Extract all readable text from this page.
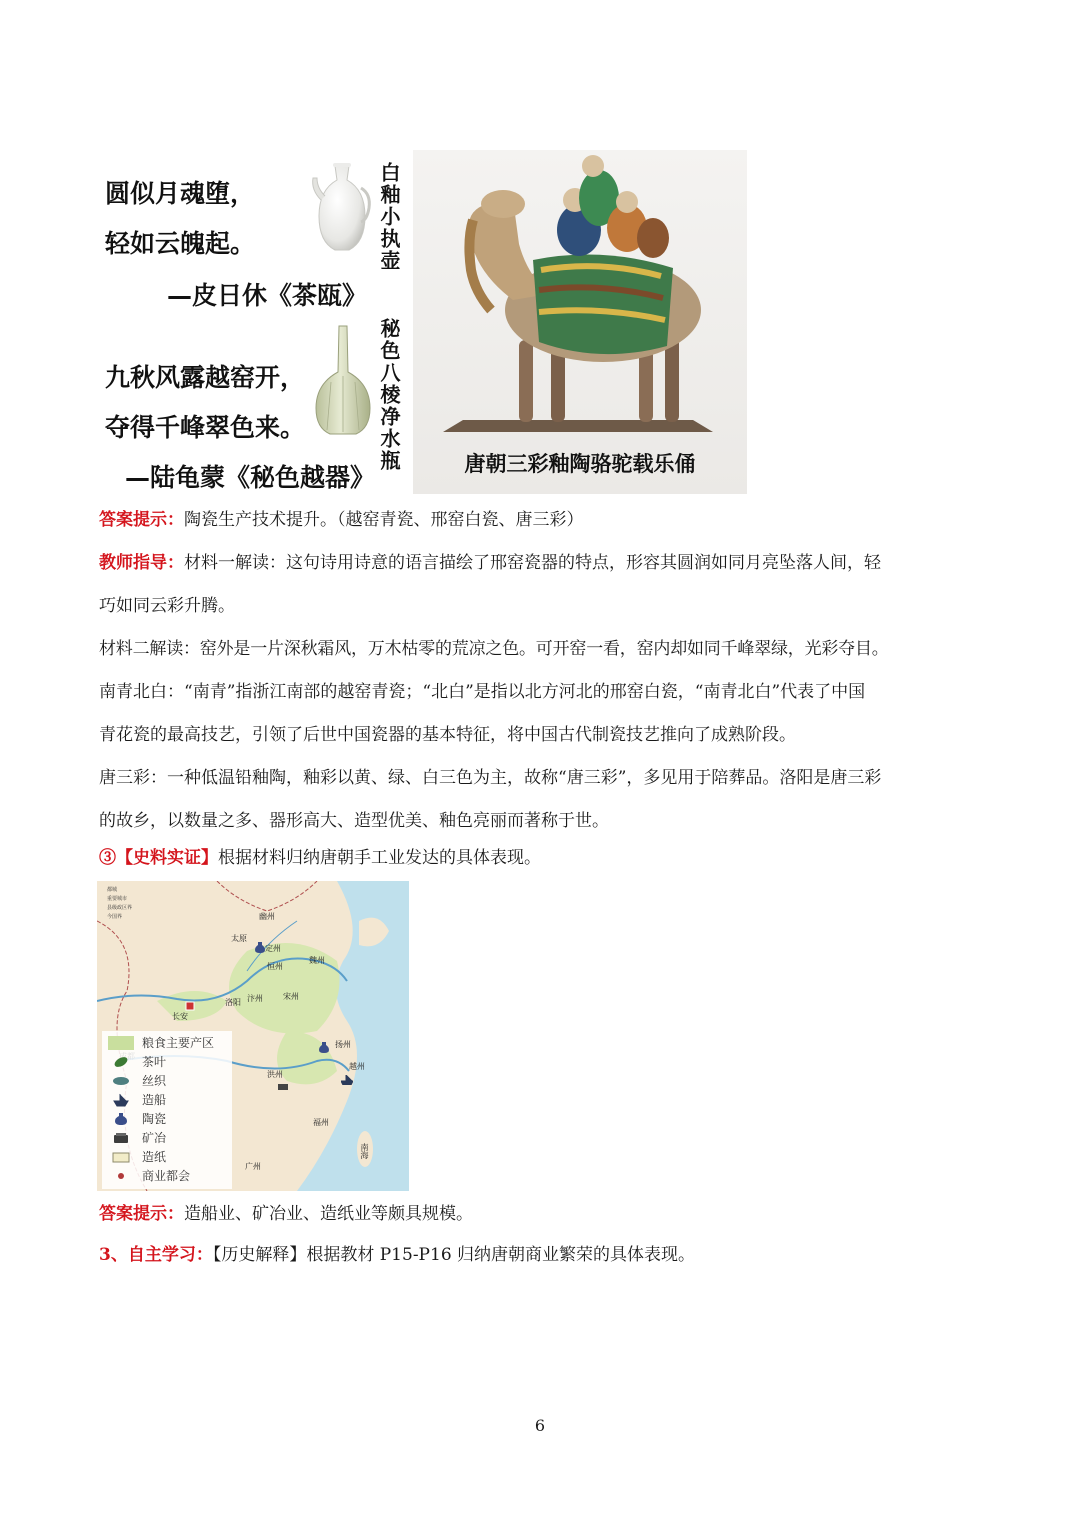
圆似月魂堕，
轻如云魄起。
—皮日休《茶瓯》
白釉小执壶
九秋风露越窑开，
夺得千峰翠色来。
—陆龟蒙《秘色越器》
秘色八棱净水瓶	唐朝三彩釉陶骆驼载乐俑
答案提示：陶瓷生产技术提升。（越窑青瓷、邢窑白瓷、唐三彩）
教师指导：材料一解读：这句诗用诗意的语言描绘了邢窑瓷器的特点，形容其圆润如同月亮坠落人间，轻
巧如同云彩升腾。
材料二解读：窑外是一片深秋霜风，万木枯零的荒凉之色。可开窑一看，窑内却如同千峰翠绿，光彩夺目。
南青北白：“南青”指浙江南部的越窑青瓷；“北白”是指以北方河北的邢窑白瓷，“南青北白”代表了中国
青花瓷的最高技艺，引领了后世中国瓷器的基本特征，将中国古代制瓷技艺推向了成熟阶段。
唐三彩：一种低温铅釉陶，釉彩以黄、绿、白三色为主，故称“唐三彩”，多见用于陪葬品。洛阳是唐三彩
的故乡，以数量之多、器形高大、造型优美、釉色亮丽而著称于世。
③【史料实证】根据材料归纳唐朝手工业发达的具体表现。
都城
重要城市
县级政区界
今国界	幽州
太原
定州
魏州
恒州
洛阳 汴州
长安
宋州
扬州
越州
福州
广州
洪州
南海
粮食主要产区
茶叶
丝织
造船
陶瓷
矿冶
造纸
商业都会
答案提示：造船业、矿冶业、造纸业等颇具规模。
3、自主学习：【历史解释】根据教材 P15-P16 归纳唐朝商业繁荣的具体表现。
6
